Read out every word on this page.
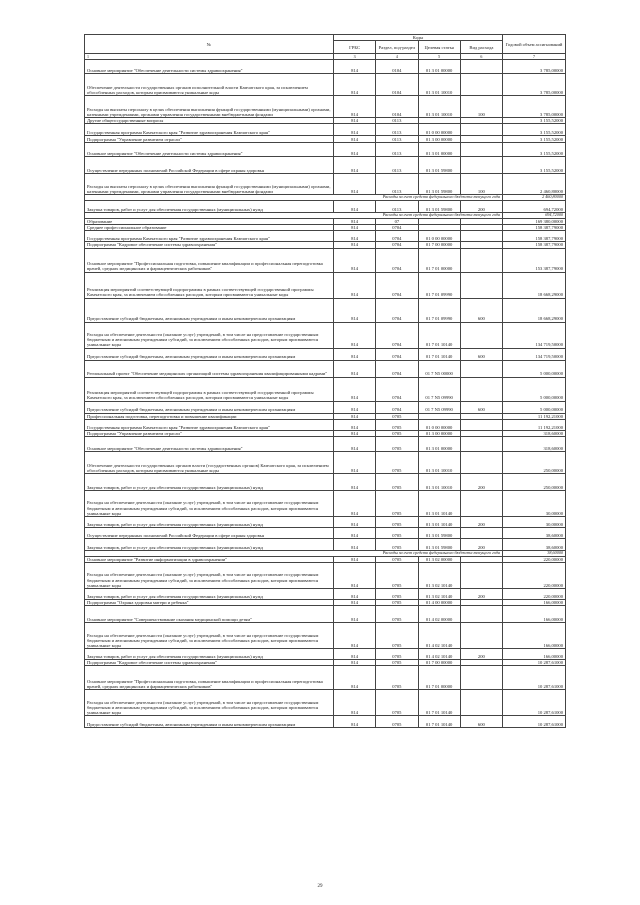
№	Коды				Годовой объем ассигнований
	ГРБС	Раздел, под-раздел	Целевая статья	Вид расхода	
1	3	4	5	6	7
Основное мероприятие "Обеспечение деятельности системы здравоохранения"	814	0104	01 3 01 00000		3 785,00000
Обеспечение деятельности государственных органов исполнительной власти Камчатского края, за исключением обособленных расходов, которым присваиваются уникальные коды	814	0104	01 3 01 10010		3 785,00000
Расходы на выплаты персоналу в целях обеспечения выполнения функций государственными (муниципальными) органами, казенными учреждениями, органами управления государственными внебюджетными фондами	814	0104	01 3 01 10010	100	3 785,00000
Другие общегосударственные вопросы	814	0113			3 155,52000
Государственная программа Камчатского края "Развитие здравоохранения Камчатского края"	814	0113	01 0 00 00000		3 155,52000
Подпрограмма "Управление развитием отрасли"	814	0113	01 3 00 00000		3 155,52000
Основное мероприятие "Обеспечение деятельности системы здравоохранения"	814	0113	01 3 01 00000		3 155,52000
Осуществление переданных полномочий Российской Федерации в сфере охраны здоровья	814	0113	01 3 01 59800		3 155,52000
Расходы на выплаты персоналу в целях обеспечения выполнения функций государственными (муниципальными) органами, казенными учреждениями, органами управления государственными внебюджетными фондами	814	0113	01 3 01 59800	100	2 460,80000
Расходы за счет средств федерального бюджета текущего года					2 460,80000
Закупка товаров, работ и услуг для обеспечения государственных (муниципальных) нужд	814	0113	01 3 01 59800	200	694,72000
Расходы за счет средств федерального бюджета текущего года					694,72000
Образование	814	07			169 380,00000
Среднее профессиональное образование	814	0704			158 387,79000
Государственная программа Камчатского края "Развитие здравоохранения Камчатского края"	814	0704	01 0 00 00000		158 387,79000
Подпрограмма "Кадровое обеспечение системы здравоохранения"	814	0704	01 7 00 00000		158 387,79000
Основное мероприятие "Профессиональная подготовка, повышение квалификации и профессиональная переподготовка врачей, средних медицинских и фармацевтических работников"	814	0704	01 7 01 00000		153 387,79000
Реализация мероприятий соответствующей подпрограммы в рамках соответствующей государственной программы Камчатского края, за исключением обособленных расходов, которым присваиваются уникальные коды	814	0704	01 7 01 09990		18 668,29000
Предоставление субсидий бюджетным, автономным учреждениям и иным некоммерческим организациям	814	0704	01 7 01 09990	600	18 668,29000
Расходы на обеспечение деятельности (оказание услуг) учреждений, в том числе на предоставление государственным бюджетным и автономным учреждениям субсидий, за исключением обособленных расходов, которым присваиваются уникальные коды	814	0704	01 7 01 10140		134 719,50000
Предоставление субсидий бюджетным, автономным учреждениям и иным некоммерческим организациям	814	0704	01 7 01 10140	600	134 719,50000
Региональный проект "Обеспечение медицинских организаций системы здравоохранения квалифицированными кадрами"	814	0704	01 7 N5 00000		5 000,00000
Реализация мероприятий соответствующей подпрограммы в рамках соответствующей государственной программы Камчатского края, за исключением обособленных расходов, которым присваиваются уникальные коды	814	0704	01 7 N5 09990		5 000,00000
Предоставление субсидий бюджетным, автономным учреждениям и иным некоммерческим организациям	814	0704	01 7 N5 09990	600	5 000,00000
Профессиональная подготовка, переподготовка и повышение квалификации	814	0705			11 192,21000
Государственная программа Камчатского края "Развитие здравоохранения Камчатского края"	814	0705	01 0 00 00000		11 192,21000
Подпрограмма "Управление развитием отрасли"	814	0705	01 3 00 00000		318,60000
Основное мероприятие "Обеспечение деятельности системы здравоохранения"	814	0705	01 3 01 00000		318,60000
Обеспечение деятельности государственных органов власти (государственных органов) Камчатского края, за исключением обособленных расходов, которым присваиваются уникальные коды	814	0705	01 3 01 10010		250,00000
Закупка товаров, работ и услуг для обеспечения государственных (муниципальных) нужд	814	0705	01 3 01 10010	200	250,00000
Расходы на обеспечение деятельности (оказание услуг) учреждений, в том числе на предоставление государственным бюджетным и автономным учреждениям субсидий, за исключением обособленных расходов, которым присваиваются уникальные коды	814	0705	01 3 01 10140		30,00000
Закупка товаров, работ и услуг для обеспечения государственных (муниципальных) нужд	814	0705	01 3 01 10140	200	30,00000
Осуществление переданных полномочий Российской Федерации в сфере охраны здоровья	814	0705	01 3 01 59800		38,60000
Закупка товаров, работ и услуг для обеспечения государственных (муниципальных) нужд	814	0705	01 3 01 59800	200	38,60000
Расходы за счет средств федерального бюджета текущего года					38,60000
Основное мероприятие "Развитие информатизации в здравоохранении"	814	0705	01 3 02 00000		220,00000
Расходы на обеспечение деятельности (оказание услуг) учреждений, в том числе на предоставление государственным бюджетным и автономным учреждениям субсидий, за исключением обособленных расходов, которым присваиваются уникальные коды	814	0705	01 3 02 10140		220,00000
Закупка товаров, работ и услуг для обеспечения государственных (муниципальных) нужд	814	0705	01 3 02 10140	200	220,00000
Подпрограмма "Охрана здоровья матери и ребенка"	814	0705	01 4 00 00000		166,00000
Основное мероприятие "Совершенствование оказания медицинской помощи детям"	814	0705	01 4 02 00000		166,00000
Расходы на обеспечение деятельности (оказание услуг) учреждений, в том числе на предоставление государственным бюджетным и автономным учреждениям субсидий, за исключением обособленных расходов, которым присваиваются уникальные коды	814	0705	01 4 02 10140		166,00000
Закупка товаров, работ и услуг для обеспечения государственных (муниципальных) нужд	814	0705	01 4 02 10140	200	166,00000
Подпрограмма "Кадровое обеспечение системы здравоохранения"	814	0705	01 7 00 00000		10 287,61000
Основное мероприятие "Профессиональная подготовка, повышение квалификации и профессиональная переподготовка врачей, средних медицинских и фармацевтических работников"	814	0705	01 7 01 00000		10 287,61000
Расходы на обеспечение деятельности (оказание услуг) учреждений, в том числе на предоставление государственным бюджетным и автономным учреждениям субсидий, за исключением обособленных расходов, которым присваиваются уникальные коды	814	0705	01 7 01 10140		10 287,61000
Предоставление субсидий бюджетным, автономным учреждениям и иным некоммерческим организациям	814	0705	01 7 01 10140	600	10 287,61000
29
